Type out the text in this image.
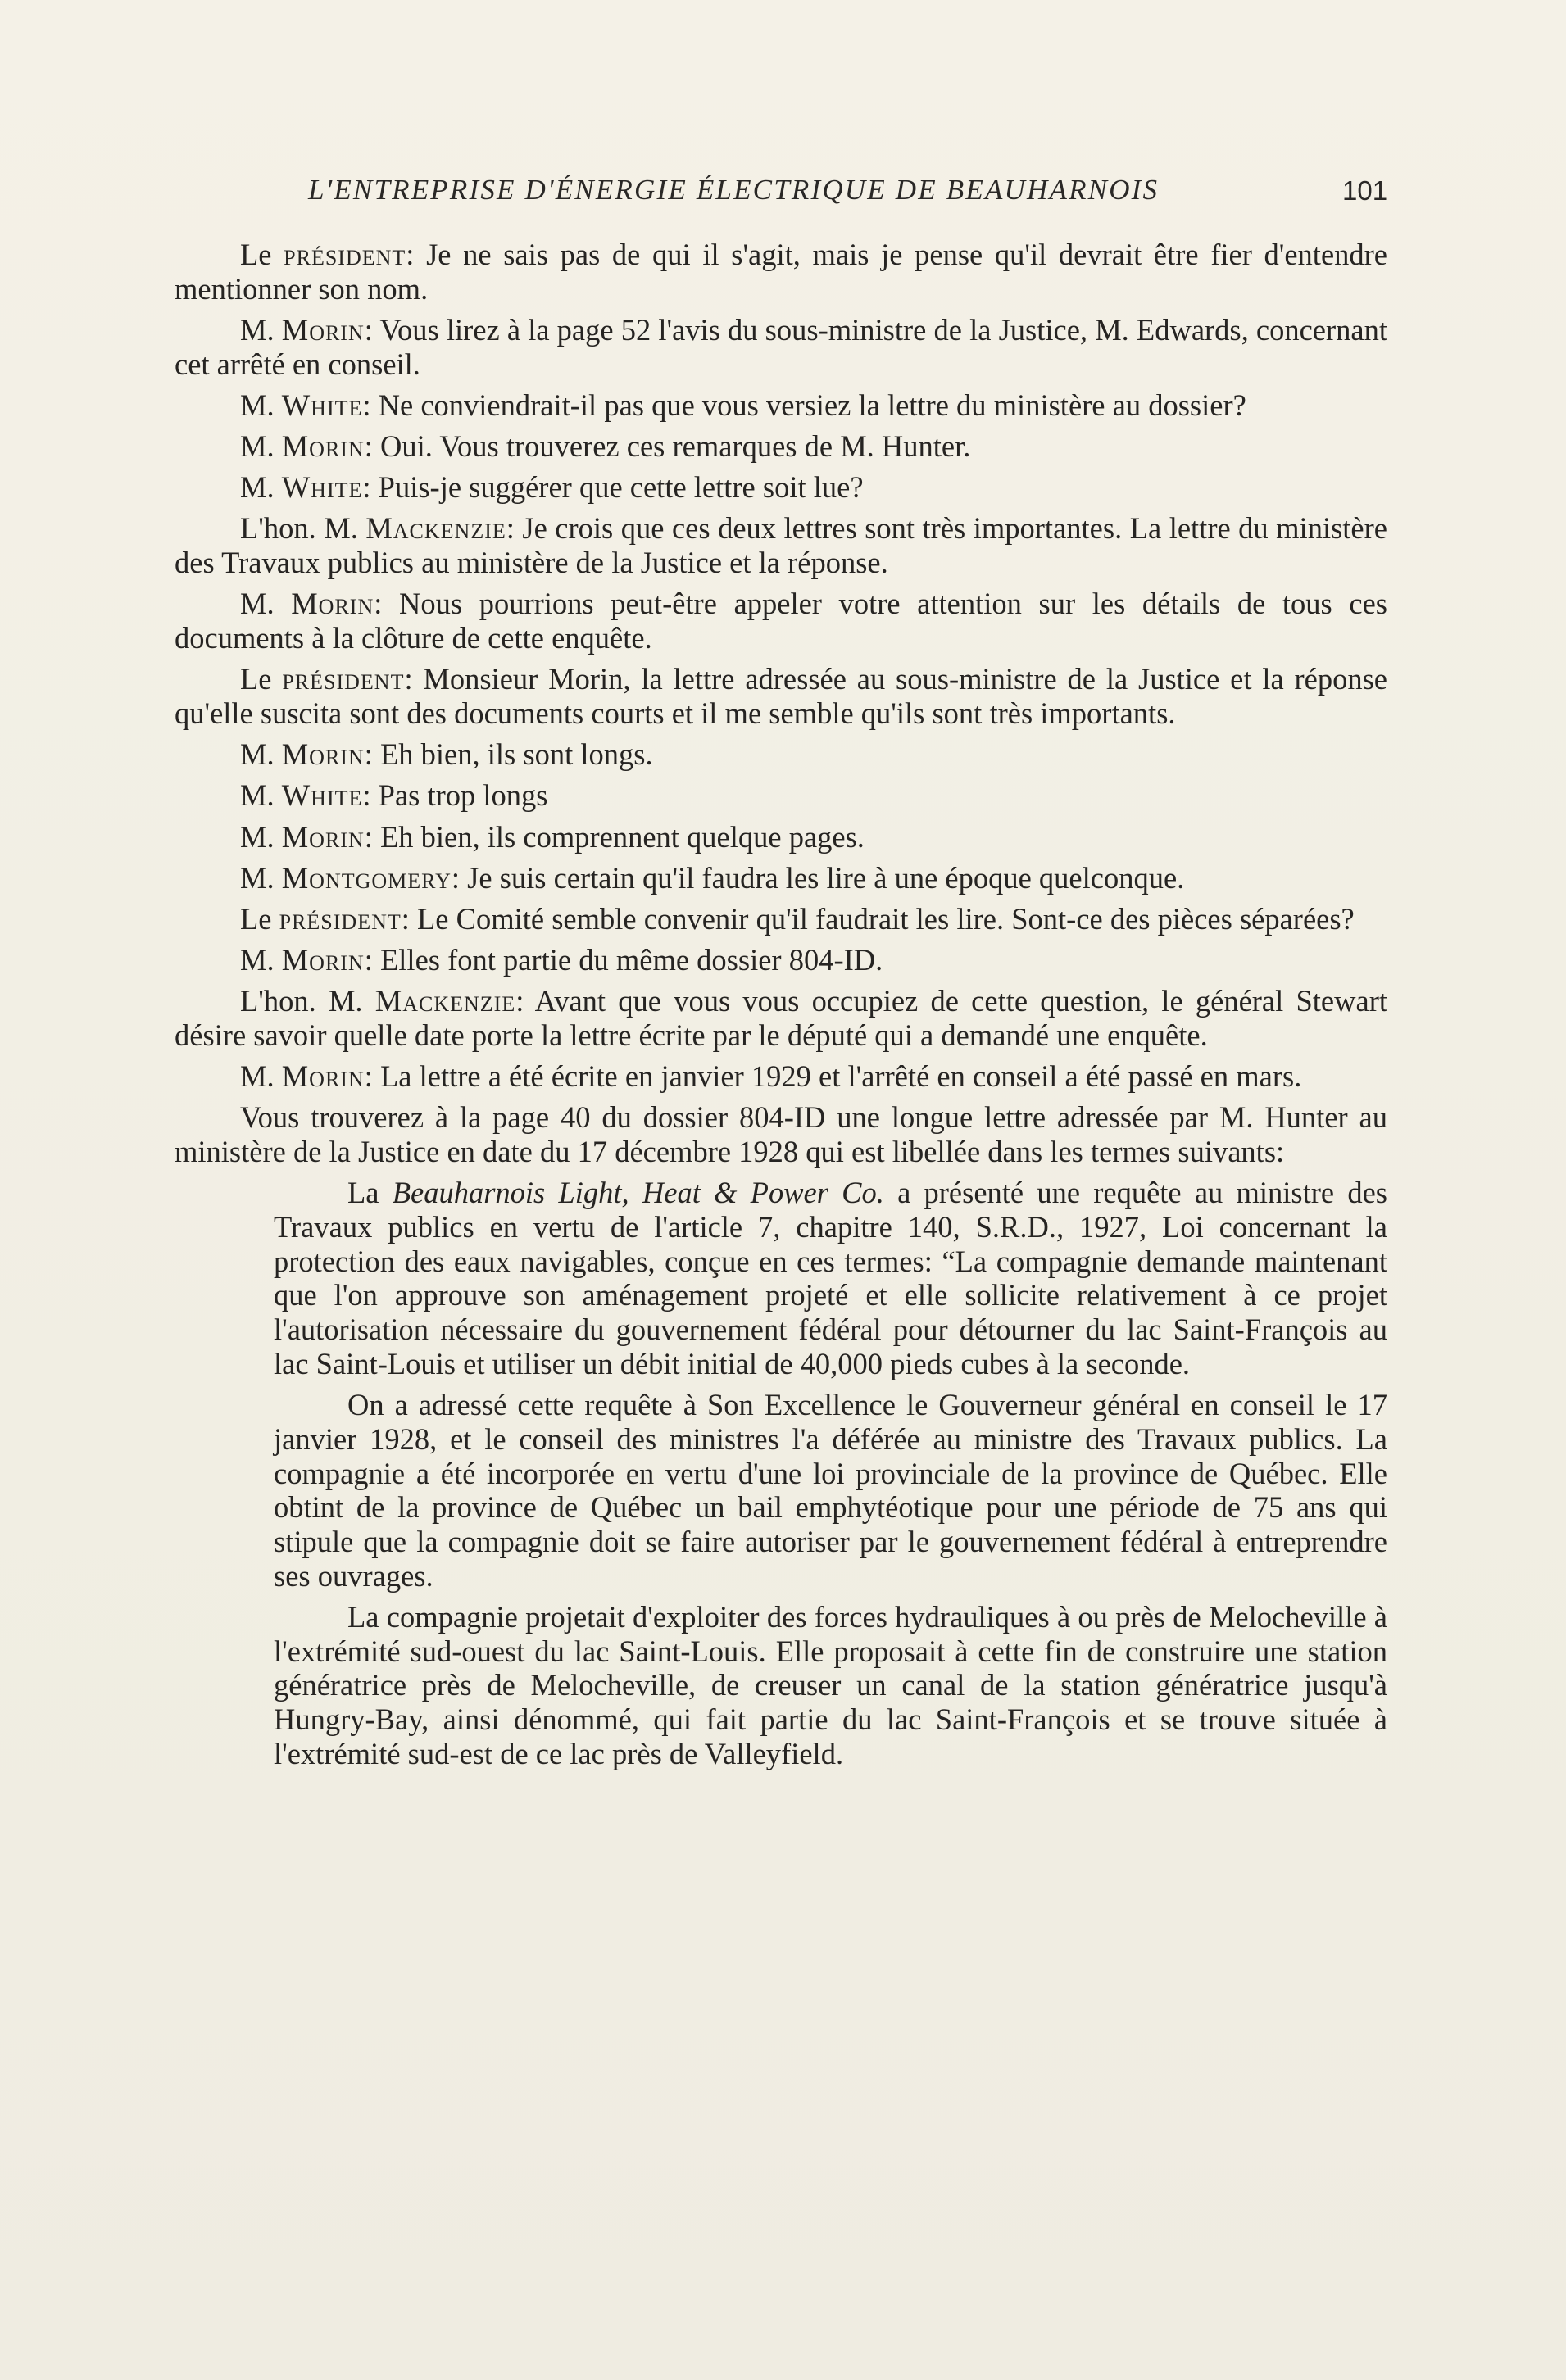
L'ENTREPRISE D'ÉNERGIE ÉLECTRIQUE DE BEAUHARNOIS	101

Le président: Je ne sais pas de qui il s'agit, mais je pense qu'il devrait être fier d'entendre mentionner son nom.

M. Morin: Vous lirez à la page 52 l'avis du sous-ministre de la Justice, M. Edwards, concernant cet arrêté en conseil.

M. White: Ne conviendrait-il pas que vous versiez la lettre du ministère au dossier?

M. Morin: Oui. Vous trouverez ces remarques de M. Hunter.

M. White: Puis-je suggérer que cette lettre soit lue?

L'hon. M. Mackenzie: Je crois que ces deux lettres sont très importantes. La lettre du ministère des Travaux publics au ministère de la Justice et la réponse.

M. Morin: Nous pourrions peut-être appeler votre attention sur les détails de tous ces documents à la clôture de cette enquête.

Le président: Monsieur Morin, la lettre adressée au sous-ministre de la Justice et la réponse qu'elle suscita sont des documents courts et il me semble qu'ils sont très importants.

M. Morin: Eh bien, ils sont longs.

M. White: Pas trop longs

M. Morin: Eh bien, ils comprennent quelque pages.

M. Montgomery: Je suis certain qu'il faudra les lire à une époque quelconque.

Le président: Le Comité semble convenir qu'il faudrait les lire. Sont-ce des pièces séparées?

M. Morin: Elles font partie du même dossier 804-ID.

L'hon. M. Mackenzie: Avant que vous vous occupiez de cette question, le général Stewart désire savoir quelle date porte la lettre écrite par le député qui a demandé une enquête.

M. Morin: La lettre a été écrite en janvier 1929 et l'arrêté en conseil a été passé en mars.

Vous trouverez à la page 40 du dossier 804-ID une longue lettre adressée par M. Hunter au ministère de la Justice en date du 17 décembre 1928 qui est libellée dans les termes suivants:

La Beauharnois Light, Heat & Power Co. a présenté une requête au ministre des Travaux publics en vertu de l'article 7, chapitre 140, S.R.D., 1927, Loi concernant la protection des eaux navigables, conçue en ces termes: “La compagnie demande maintenant que l'on approuve son aménagement projeté et elle sollicite relativement à ce projet l'autorisation nécessaire du gouvernement fédéral pour détourner du lac Saint-François au lac Saint-Louis et utiliser un débit initial de 40,000 pieds cubes à la seconde.

On a adressé cette requête à Son Excellence le Gouverneur général en conseil le 17 janvier 1928, et le conseil des ministres l'a déférée au ministre des Travaux publics. La compagnie a été incorporée en vertu d'une loi provinciale de la province de Québec. Elle obtint de la province de Québec un bail emphytéotique pour une période de 75 ans qui stipule que la compagnie doit se faire autoriser par le gouvernement fédéral à entreprendre ses ouvrages.

La compagnie projetait d'exploiter des forces hydrauliques à ou près de Melocheville à l'extrémité sud-ouest du lac Saint-Louis. Elle proposait à cette fin de construire une station génératrice près de Melocheville, de creuser un canal de la station génératrice jusqu'à Hungry-Bay, ainsi dénommé, qui fait partie du lac Saint-François et se trouve située à l'extrémité sud-est de ce lac près de Valleyfield.
